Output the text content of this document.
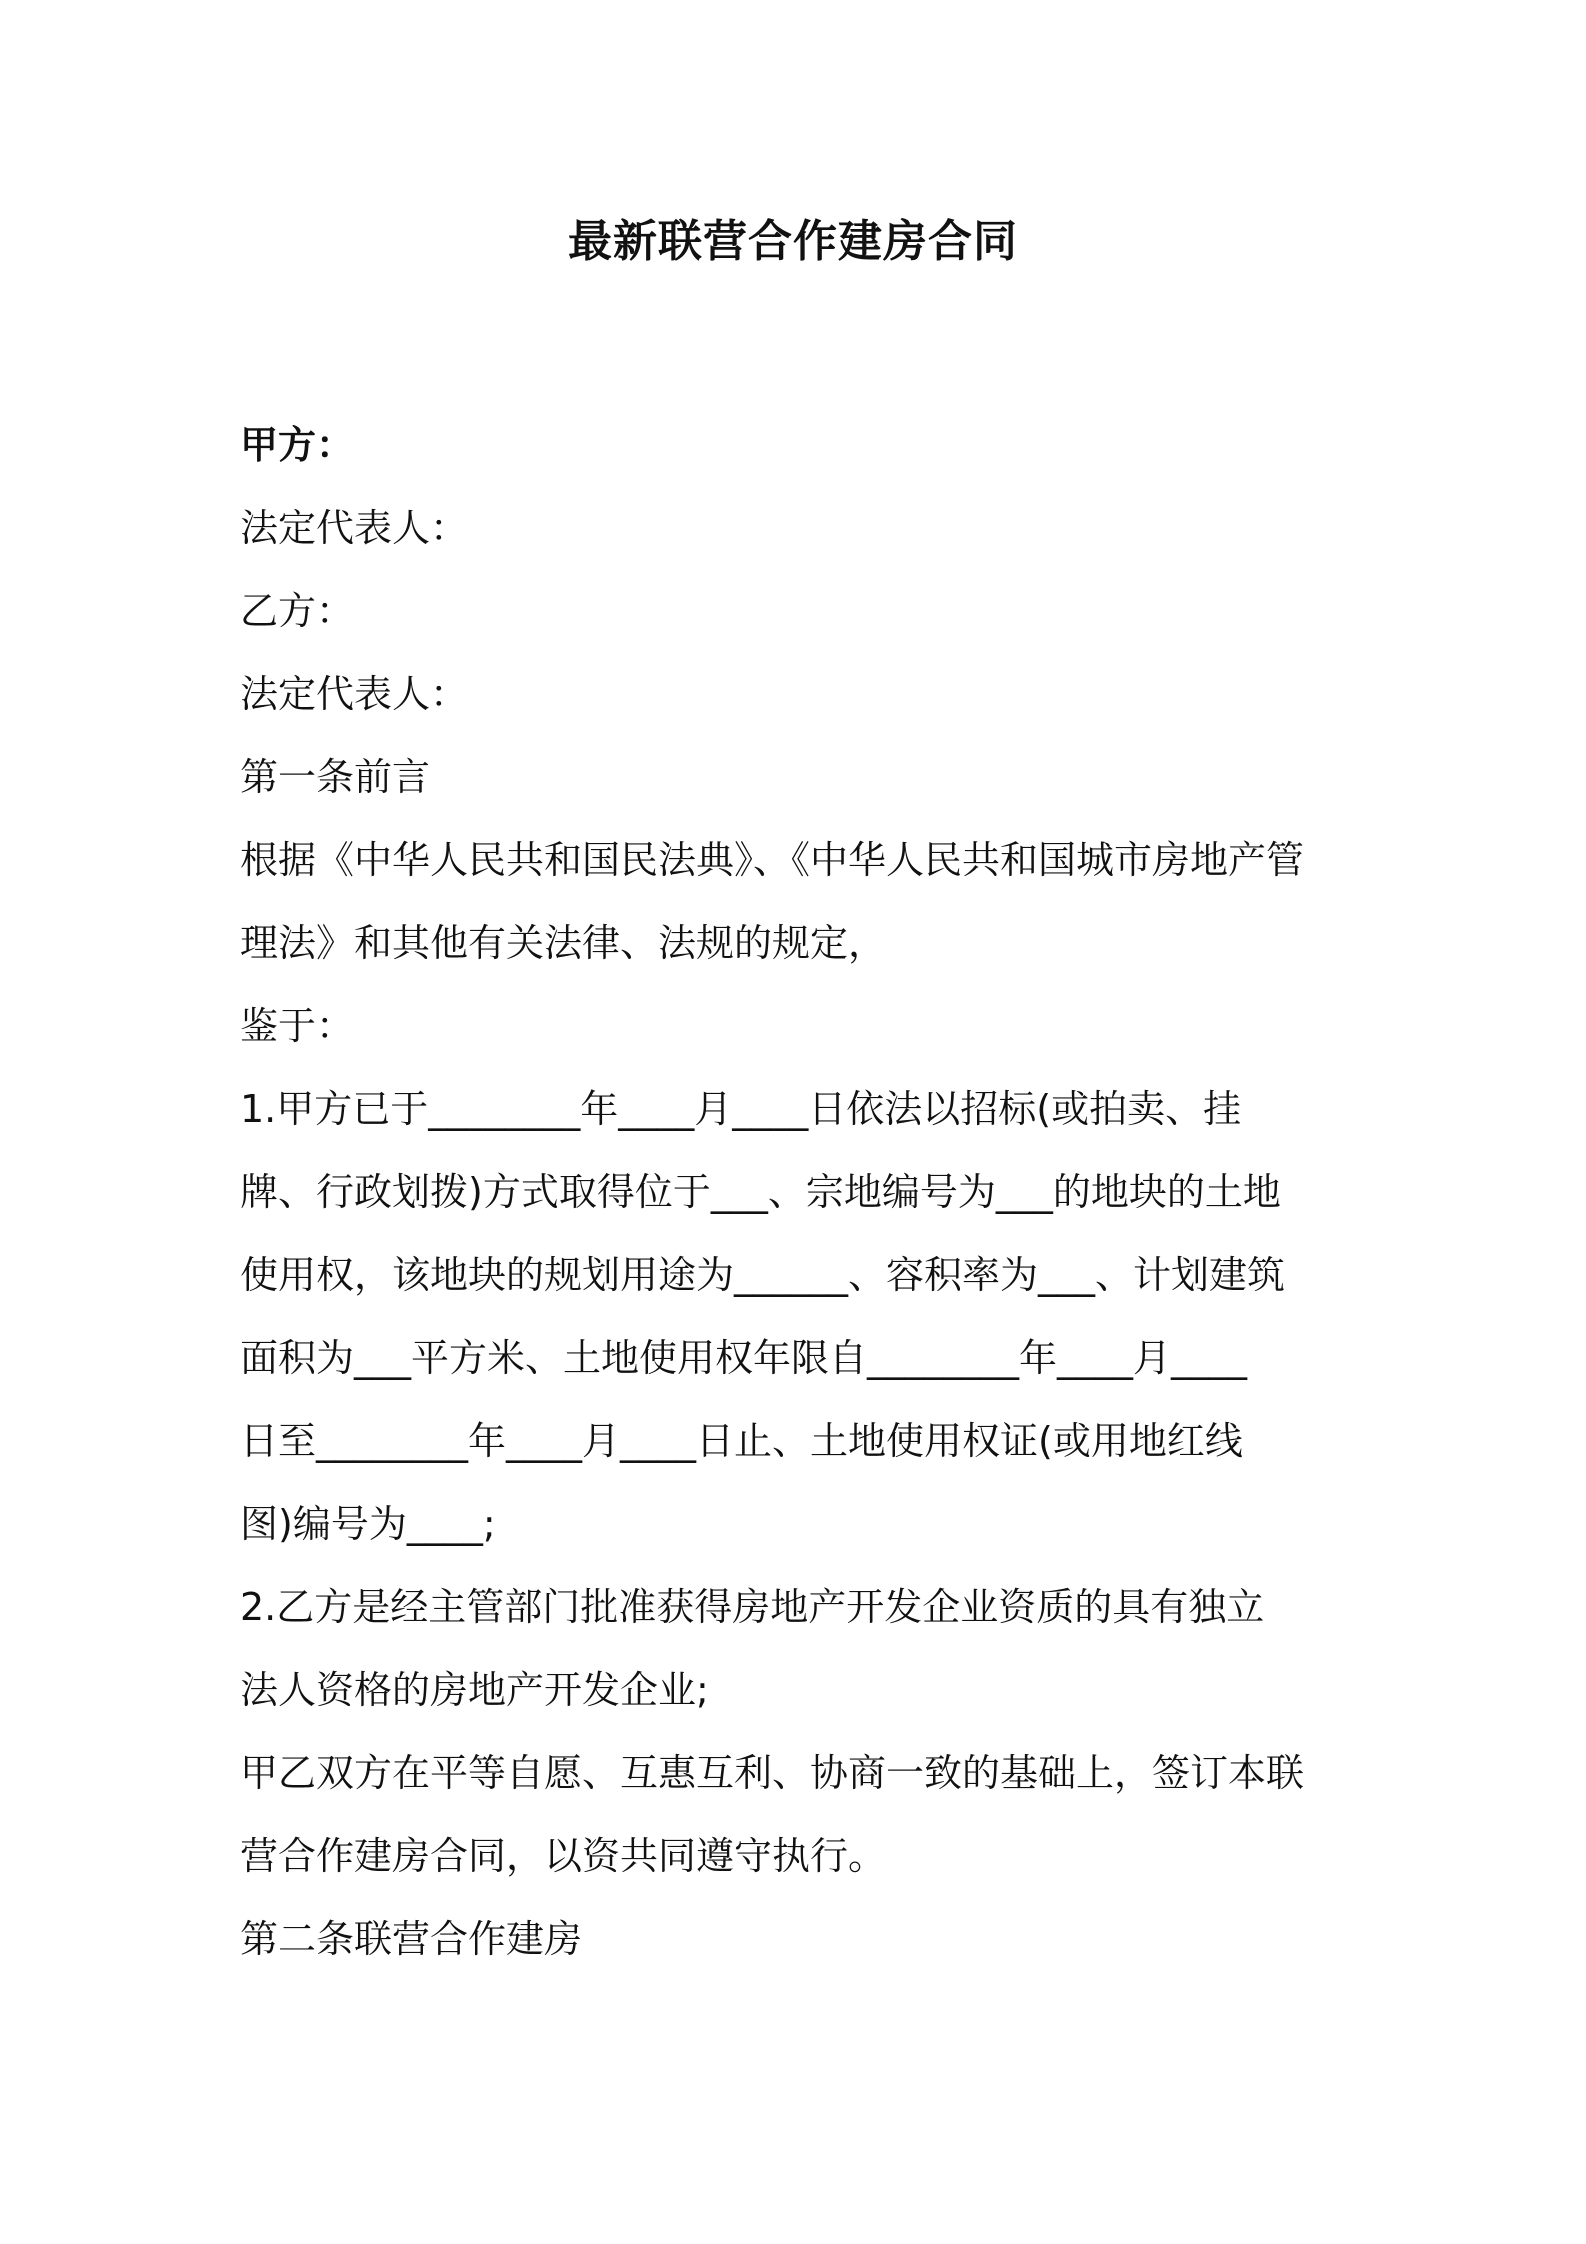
最新联营合作建房合同
甲方：
法定代表人：
乙方：
法定代表人：
第一条前言
根据《中华人民共和国民法典》、《中华人民共和国城市房地产管
理法》和其他有关法律、法规的规定，
鉴于：
1.甲方已于________年____月____日依法以招标(或拍卖、挂
牌、行政划拨)方式取得位于___、宗地编号为___的地块的土地
使用权，该地块的规划用途为______、容积率为___、计划建筑
面积为___平方米、土地使用权年限自________年____月____
日至________年____月____日止、土地使用权证(或用地红线
图)编号为____;
2.乙方是经主管部门批准获得房地产开发企业资质的具有独立
法人资格的房地产开发企业;
甲乙双方在平等自愿、互惠互利、协商一致的基础上，签订本联
营合作建房合同，以资共同遵守执行。
第二条联营合作建房
